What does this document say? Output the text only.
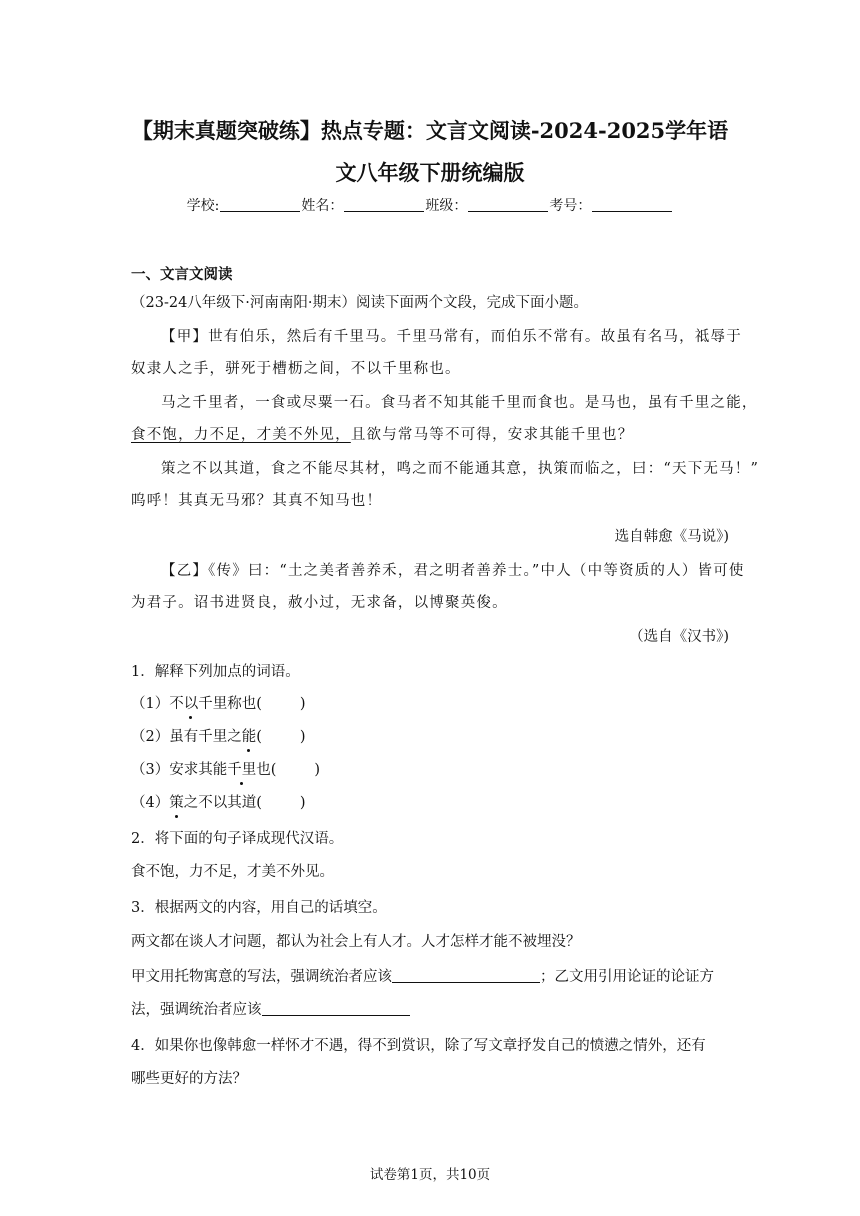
【期末真题突破练】热点专题：文言文阅读-2024-2025学年语
文八年级下册统编版
学校:	姓名：	班级：	考号：
一、文言文阅读
（23-24八年级下·河南南阳·期末）阅读下面两个文段，完成下面小题。
【甲】世有伯乐，然后有千里马。千里马常有，而伯乐不常有。故虽有名马，祗辱于
奴隶人之手，骈死于槽枥之间，不以千里称也。
马之千里者，一食或尽粟一石。食马者不知其能千里而食也。是马也，虽有千里之能，
食不饱，力不足，才美不外见，且欲与常马等不可得，安求其能千里也？
策之不以其道，食之不能尽其材，鸣之而不能通其意，执策而临之，曰：“天下无马！”
呜呼！其真无马邪？其真不知马也！
选自韩愈《马说》)
【乙】《传》曰：“土之美者善养禾，君之明者善养士。”中人（中等资质的人）皆可使
为君子。诏书进贤良，赦小过，无求备，以博聚英俊。
（选自《汉书》)
1．解释下列加点的词语。
（1）不以千里称也(	)
（2）虽有千里之能(	)
（3）安求其能千里也(	)
（4）策之不以其道(	)
2．将下面的句子译成现代汉语。
食不饱，力不足，才美不外见。
3．根据两文的内容，用自己的话填空。
两文都在谈人才问题，都认为社会上有人才。人才怎样才能不被埋没？
甲文用托物寓意的写法，强调统治者应该	；乙文用引用论证的论证方
法，强调统治者应该
4．如果你也像韩愈一样怀才不遇，得不到赏识，除了写文章抒发自己的愤懑之情外，还有
哪些更好的方法？
试卷第1页，共10页
